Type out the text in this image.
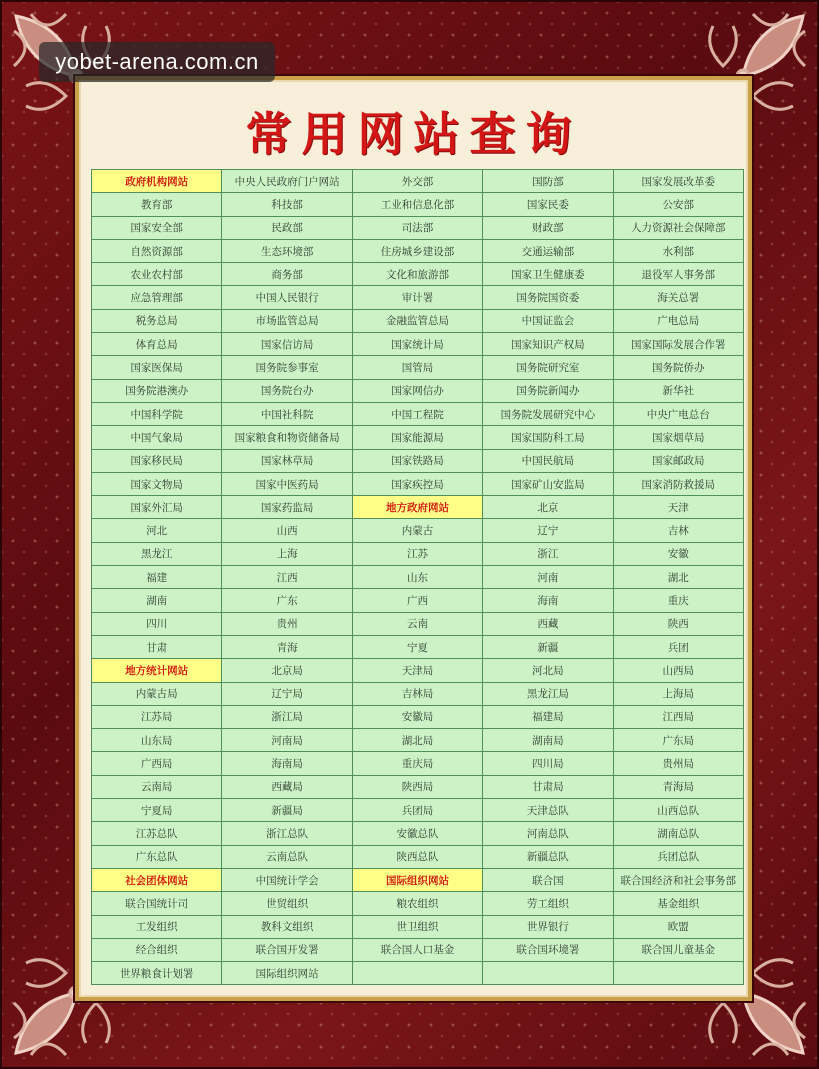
常用网站查询
政府机构网站	中央人民政府门户网站	外交部	国防部	国家发展改革委
教育部	科技部	工业和信息化部	国家民委	公安部
国家安全部	民政部	司法部	财政部	人力资源社会保障部
自然资源部	生态环境部	住房城乡建设部	交通运输部	水利部
农业农村部	商务部	文化和旅游部	国家卫生健康委	退役军人事务部
应急管理部	中国人民银行	审计署	国务院国资委	海关总署
税务总局	市场监管总局	金融监管总局	中国证监会	广电总局
体育总局	国家信访局	国家统计局	国家知识产权局	国家国际发展合作署
国家医保局	国务院参事室	国管局	国务院研究室	国务院侨办
国务院港澳办	国务院台办	国家网信办	国务院新闻办	新华社
中国科学院	中国社科院	中国工程院	国务院发展研究中心	中央广电总台
中国气象局	国家粮食和物资储备局	国家能源局	国家国防科工局	国家烟草局
国家移民局	国家林草局	国家铁路局	中国民航局	国家邮政局
国家文物局	国家中医药局	国家疾控局	国家矿山安监局	国家消防救援局
国家外汇局	国家药监局	地方政府网站	北京	天津
河北	山西	内蒙古	辽宁	吉林
黑龙江	上海	江苏	浙江	安徽
福建	江西	山东	河南	湖北
湖南	广东	广西	海南	重庆
四川	贵州	云南	西藏	陕西
甘肃	青海	宁夏	新疆	兵团
地方统计网站	北京局	天津局	河北局	山西局
内蒙古局	辽宁局	吉林局	黑龙江局	上海局
江苏局	浙江局	安徽局	福建局	江西局
山东局	河南局	湖北局	湖南局	广东局
广西局	海南局	重庆局	四川局	贵州局
云南局	西藏局	陕西局	甘肃局	青海局
宁夏局	新疆局	兵团局	天津总队	山西总队
江苏总队	浙江总队	安徽总队	河南总队	湖南总队
广东总队	云南总队	陕西总队	新疆总队	兵团总队
社会团体网站	中国统计学会	国际组织网站	联合国	联合国经济和社会事务部
联合国统计司	世贸组织	粮农组织	劳工组织	基金组织
工发组织	教科文组织	世卫组织	世界银行	欧盟
经合组织	联合国开发署	联合国人口基金	联合国环境署	联合国儿童基金
世界粮食计划署	国际组织网站			
yobet-arena.com.cn
